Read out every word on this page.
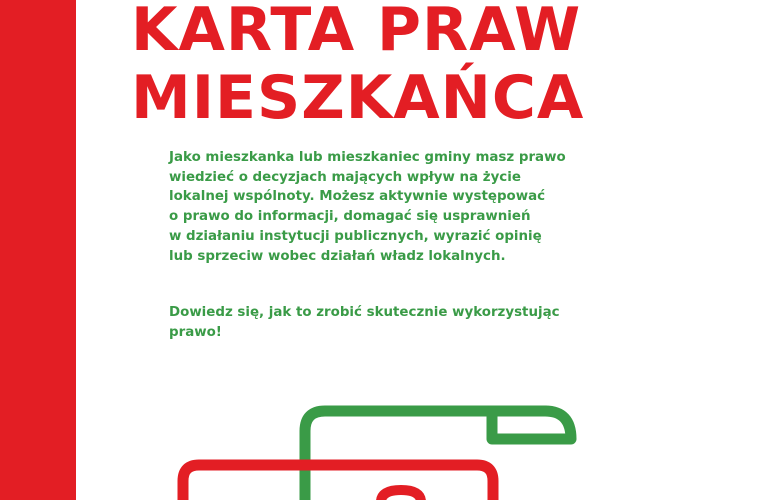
KARTA PRAW
MIESZKAŃCA

Jako mieszkanka lub mieszkaniec gminy masz prawo
wiedzieć o decyzjach mających wpływ na życie
lokalnej wspólnoty. Możesz aktywnie występować
o prawo do informacji, domagać się usprawnień
w działaniu instytucji publicznych, wyrazić opinię
lub sprzeciw wobec działań władz lokalnych.

Dowiedz się, jak to zrobić skutecznie wykorzystując
prawo!
